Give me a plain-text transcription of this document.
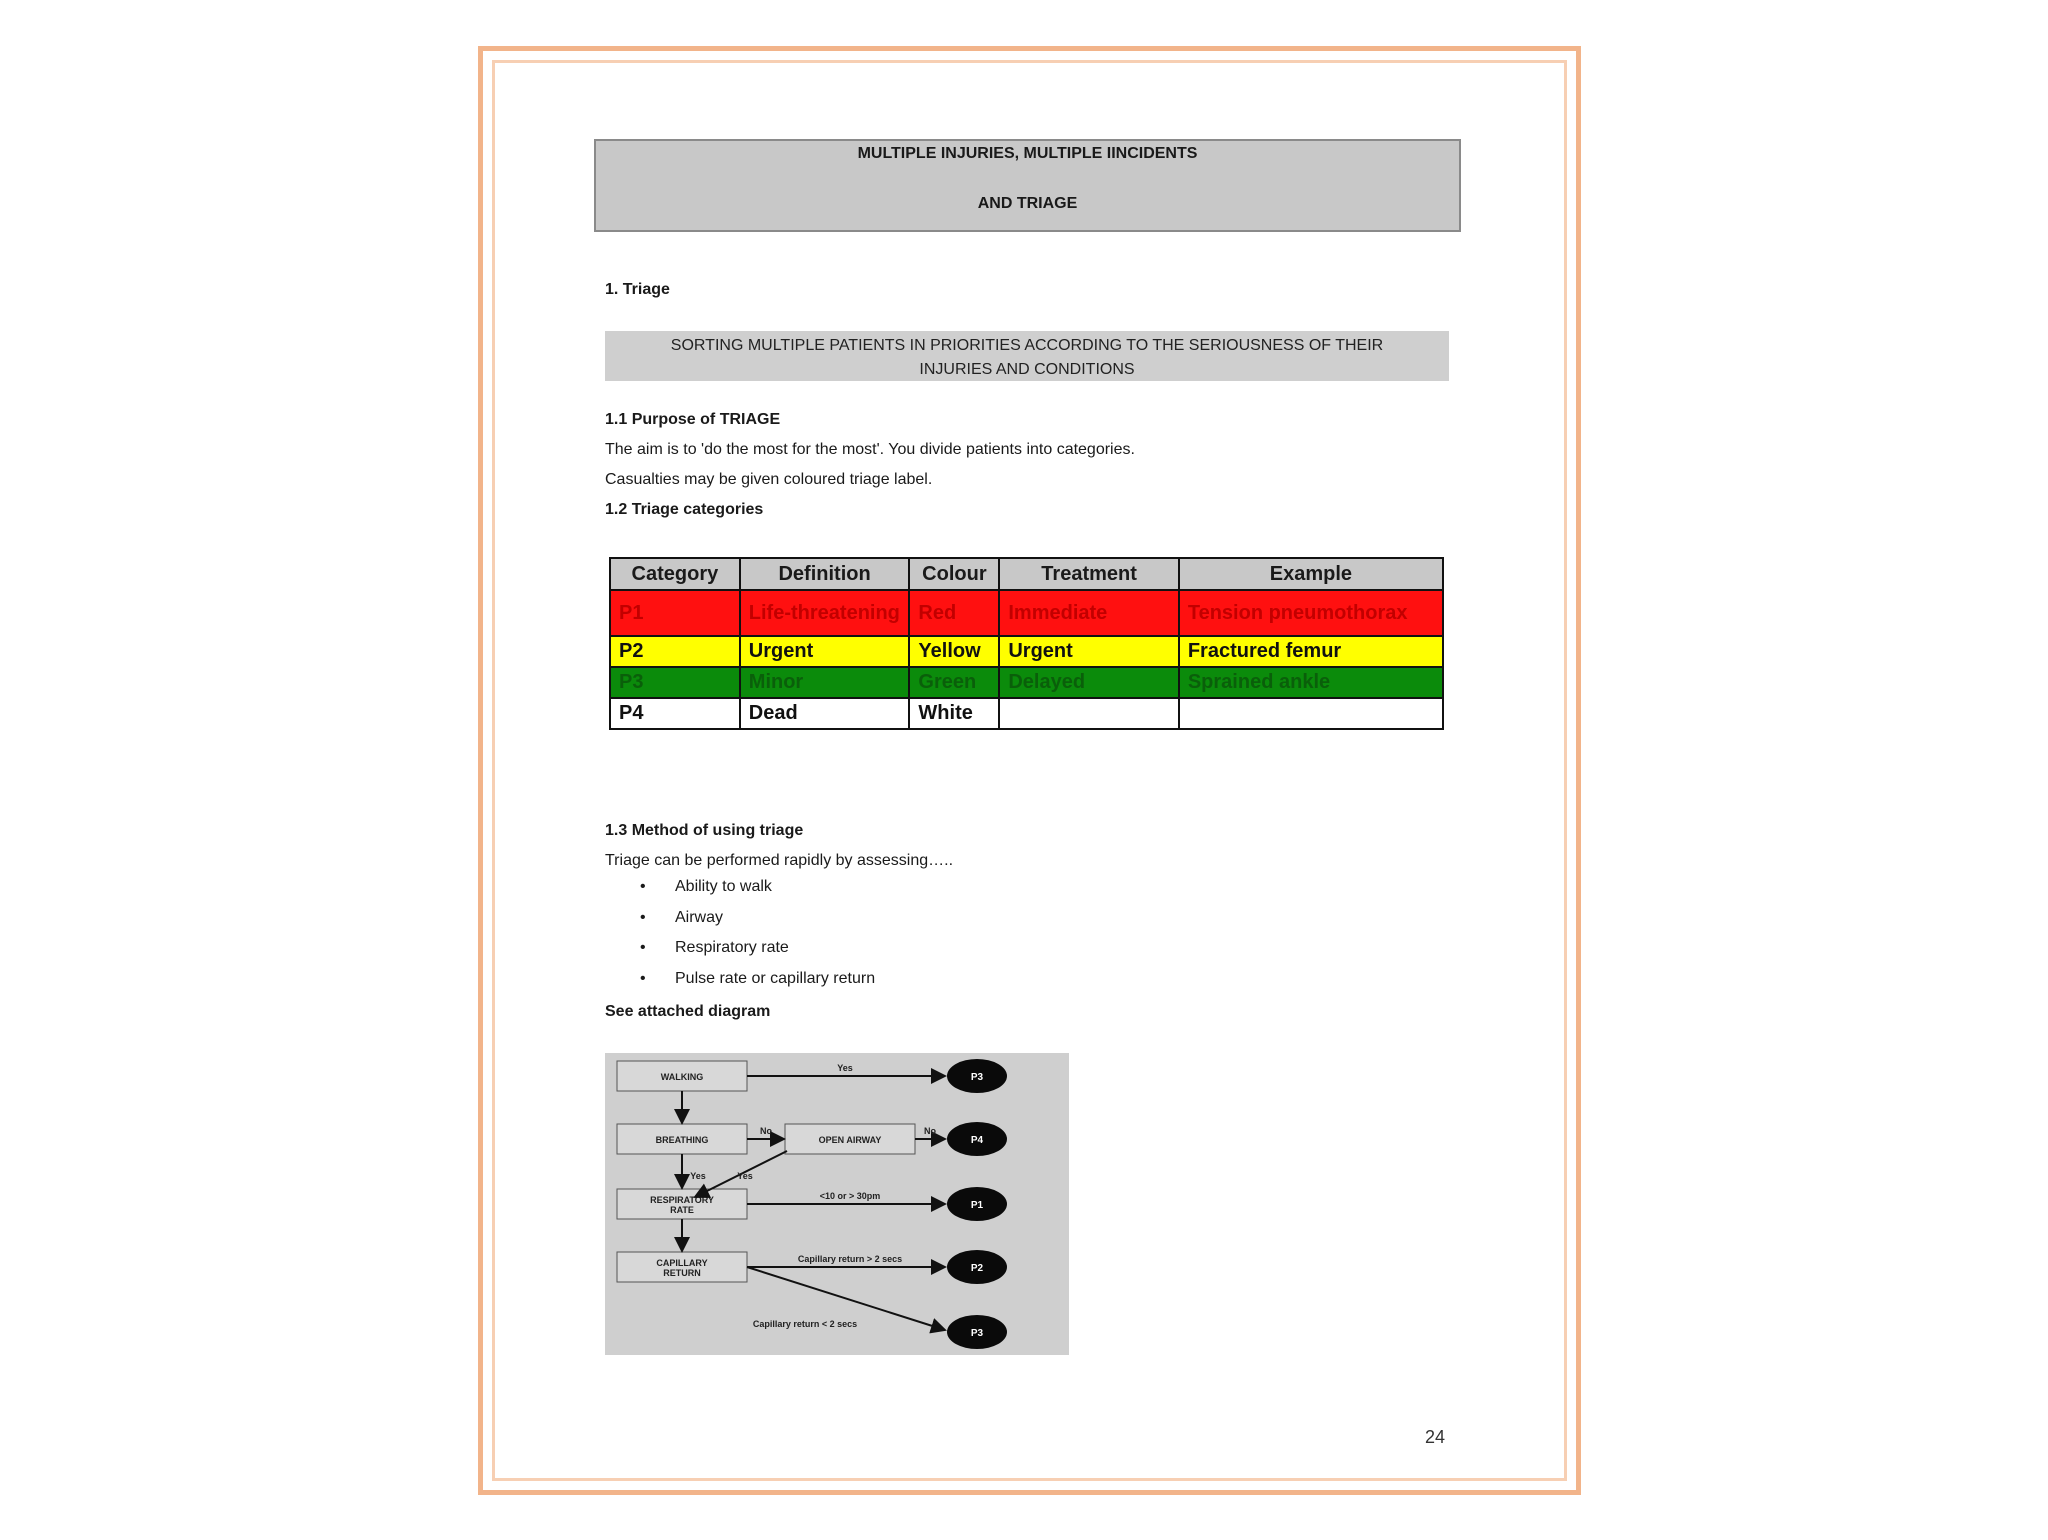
MULTIPLE INJURIES, MULTIPLE IINCIDENTS
AND TRIAGE
1. Triage
SORTING MULTIPLE PATIENTS IN PRIORITIES ACCORDING TO THE SERIOUSNESS OF THEIR
INJURIES AND CONDITIONS
1.1 Purpose of TRIAGE
The aim is to 'do the most for the most'. You divide patients into categories.
Casualties may be given coloured triage label.
1.2 Triage categories
Category	Definition	Colour	Treatment	Example
P1	Life-threatening	Red	Immediate	Tension pneumothorax
P2	Urgent	Yellow	Urgent	Fractured femur
P3	Minor	Green	Delayed	Sprained ankle
P4	Dead	White		
1.3 Method of using triage
Triage can be performed rapidly by assessing…..
• Ability to walk
• Airway
• Respiratory rate
• Pulse rate or capillary return
See attached diagram
WALKING
BREATHING	OPEN AIRWAY
RESPIRATORY
RATE
CAPILLARY
RETURN
Yes
No	No
Yes	Yes
<10 or > 30pm
Capillary return > 2 secs
Capillary return < 2 secs
P3
P4
P1
P2
P3
24
